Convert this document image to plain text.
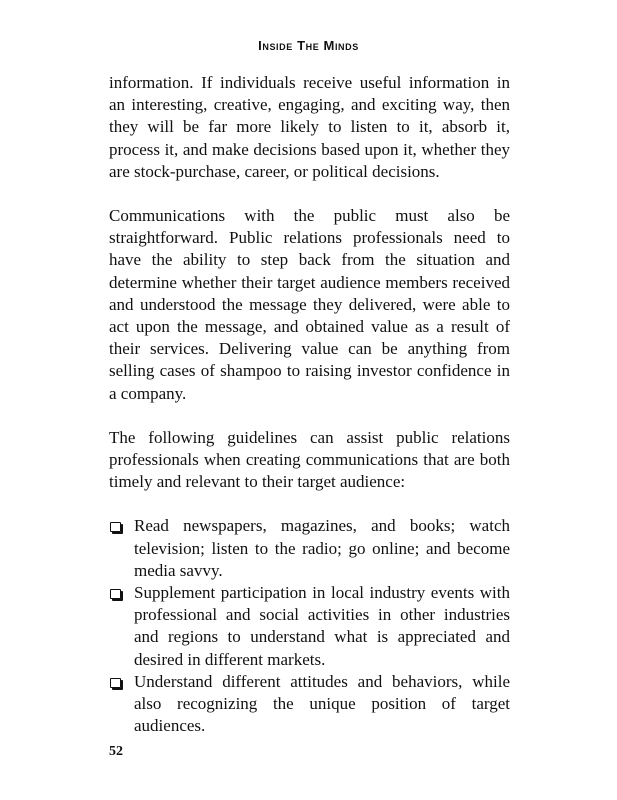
Inside The Minds

information. If individuals receive useful information in an interesting, creative, engaging, and exciting way, then they will be far more likely to listen to it, absorb it, process it, and make decisions based upon it, whether they are stock-purchase, career, or political decisions.

Communications with the public must also be straightforward. Public relations professionals need to have the ability to step back from the situation and determine whether their target audience members received and understood the message they delivered, were able to act upon the message, and obtained value as a result of their services. Delivering value can be anything from selling cases of shampoo to raising investor confidence in a company.

The following guidelines can assist public relations professionals when creating communications that are both timely and relevant to their target audience:

Read newspapers, magazines, and books; watch television; listen to the radio; go online; and become media savvy.
Supplement participation in local industry events with professional and social activities in other industries and regions to understand what is appreciated and desired in different markets.
Understand different attitudes and behaviors, while also recognizing the unique position of target audiences.
52
